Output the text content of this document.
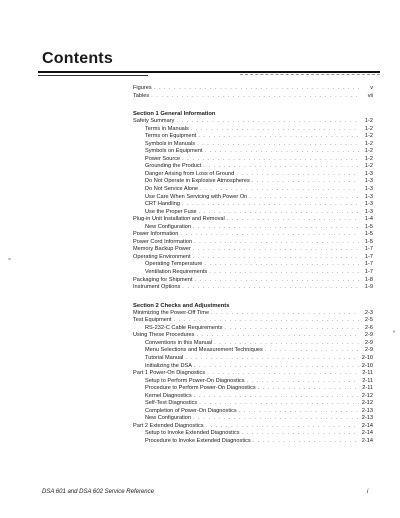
Contents
Figures . . .	v
Tables . . .	vii
Section 1 General Information
Safety Summary . . .	1-2
Terms in Manuals . . .	1-2
Terms on Equipment . . .	1-2
Symbols in Manuals . . .	1-2
Symbols on Equipment . . .	1-2
Power Source . . .	1-2
Grounding the Product . . .	1-2
Danger Arising from Loss of Ground . . .	1-3
Do Not Operate in Explosive Atmospheres . . .	1-3
Do Not Service Alone . . .	1-3
Use Care When Servicing with Power On . . .	1-3
CRT Handling . . .	1-3
Use the Proper Fuse . . .	1-3
Plug-in Unit Installation and Removal . . .	1-4
New Configuration . . .	1-5
Power Information . . .	1-5
Power Cord Information . . .	1-5
Memory Backup Power . . .	1-7
Operating Environment . . .	1-7
Operating Temperature . . .	1-7
Ventilation Requirements . . .	1-7
Packaging for Shipment . . .	1-8
Instrument Options . . .	1-9
Section 2 Checks and Adjustments
Minimizing the Power-Off Time . . .	2-3
Test Equipment . . .	2-5
RS-232-C Cable Requirements . . .	2-6
Using These Procedures . . .	2-9
Conventions in this Manual . . .	2-9
Menu Selections and Measurement Techniques . . .	2-9
Tutorial Manual . . .	2-10
Initializing the DSA . . .	2-10
Part 1 Power-On Diagnostics . . .	2-11
Setup to Perform Power-On Diagnostics . . .	2-11
Procedure to Perform Power-On Diagnostics . . .	2-11
Kernel Diagnostics . . .	2-12
Self-Test Diagnostics . . .	2-12
Completion of Power-On Diagnostics . . .	2-13
New Configuration . . .	2-13
Part 2 Extended Diagnostics . . .	2-14
Setup to Invoke Extended Diagnostics . . .	2-14
Procedure to Invoke Extended Diagnostics . . .	2-14
DSA 601 and DSA 602 Service Reference	i
